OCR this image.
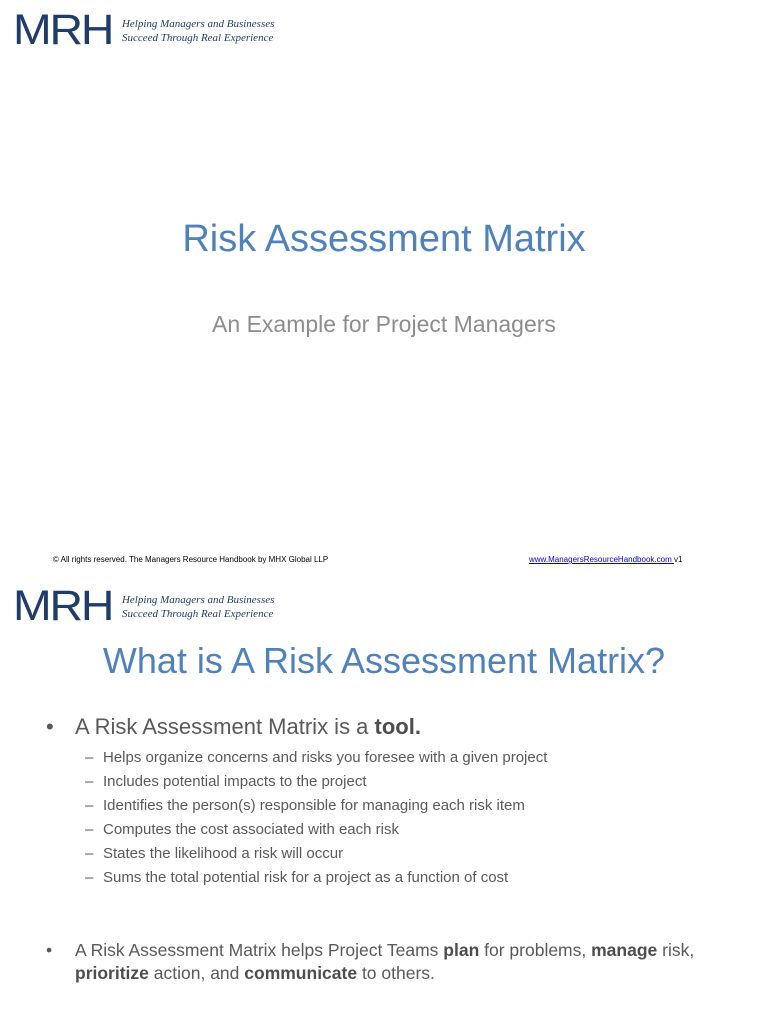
MRH Helping Managers and Businesses
Succeed Through Real Experience
Risk Assessment Matrix
An Example for Project Managers
© All rights reserved. The Managers Resource Handbook by MHX Global LLP	www.ManagersResourceHandbook.com v1
MRH Helping Managers and Businesses
Succeed Through Real Experience
What is A Risk Assessment Matrix?
• A Risk Assessment Matrix is a tool.
– Helps organize concerns and risks you foresee with a given project
– Includes potential impacts to the project
– Identifies the person(s) responsible for managing each risk item
– Computes the cost associated with each risk
– States the likelihood a risk will occur
– Sums the total potential risk for a project as a function of cost
• A Risk Assessment Matrix helps Project Teams plan for problems, manage risk, prioritize action, and communicate to others.
